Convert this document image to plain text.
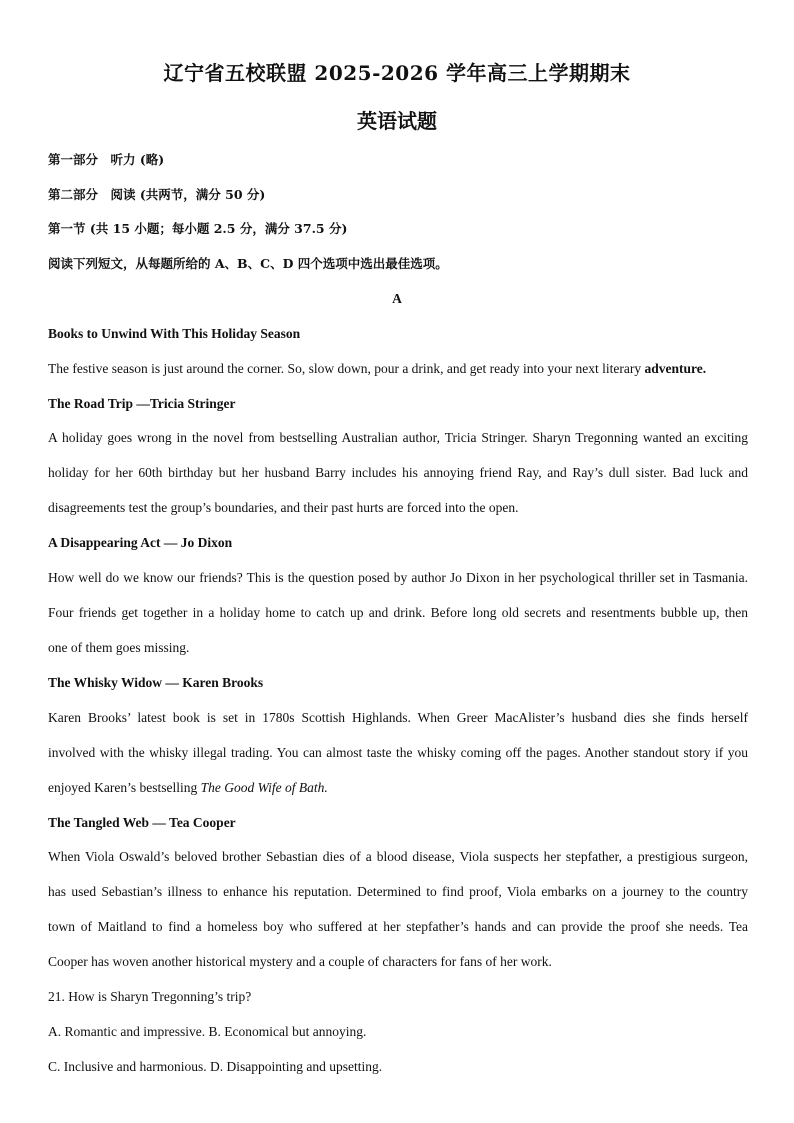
辽宁省五校联盟 2025-2026 学年高三上学期期末
英语试题
第一部分　听力 (略)
第二部分　阅读 (共两节，满分 50 分)
第一节 (共 15 小题；每小题 2.5 分，满分 37.5 分)
阅读下列短文，从每题所给的 A、B、C、D 四个选项中选出最佳选项。
A
Books to Unwind With This Holiday Season
The festive season is just around the corner. So, slow down, pour a drink, and get ready into your next literary adventure.
The Road Trip —Tricia Stringer
A holiday goes wrong in the novel from bestselling Australian author, Tricia Stringer. Sharyn Tregonning wanted an exciting
holiday for her 60th birthday but her husband Barry includes his annoying friend Ray, and Ray’s dull sister. Bad luck and
disagreements test the group’s boundaries, and their past hurts are forced into the open.
A Disappearing Act — Jo Dixon
How well do we know our friends? This is the question posed by author Jo Dixon in her psychological thriller set in Tasmania.
Four friends get together in a holiday home to catch up and drink. Before long old secrets and resentments bubble up, then
one of them goes missing.
The Whisky Widow — Karen Brooks
Karen Brooks’ latest book is set in 1780s Scottish Highlands. When Greer MacAlister’s husband dies she finds herself
involved with the whisky illegal trading. You can almost taste the whisky coming off the pages. Another standout story if you
enjoyed Karen’s bestselling The Good Wife of Bath.
The Tangled Web — Tea Cooper
When Viola Oswald’s beloved brother Sebastian dies of a blood disease, Viola suspects her stepfather, a prestigious surgeon,
has used Sebastian’s illness to enhance his reputation. Determined to find proof, Viola embarks on a journey to the country
town of Maitland to find a homeless boy who suffered at her stepfather’s hands and can provide the proof she needs. Tea
Cooper has woven another historical mystery and a couple of characters for fans of her work.
21. How is Sharyn Tregonning’s trip?
A. Romantic and impressive. B. Economical but annoying.
C. Inclusive and harmonious. D. Disappointing and upsetting.
